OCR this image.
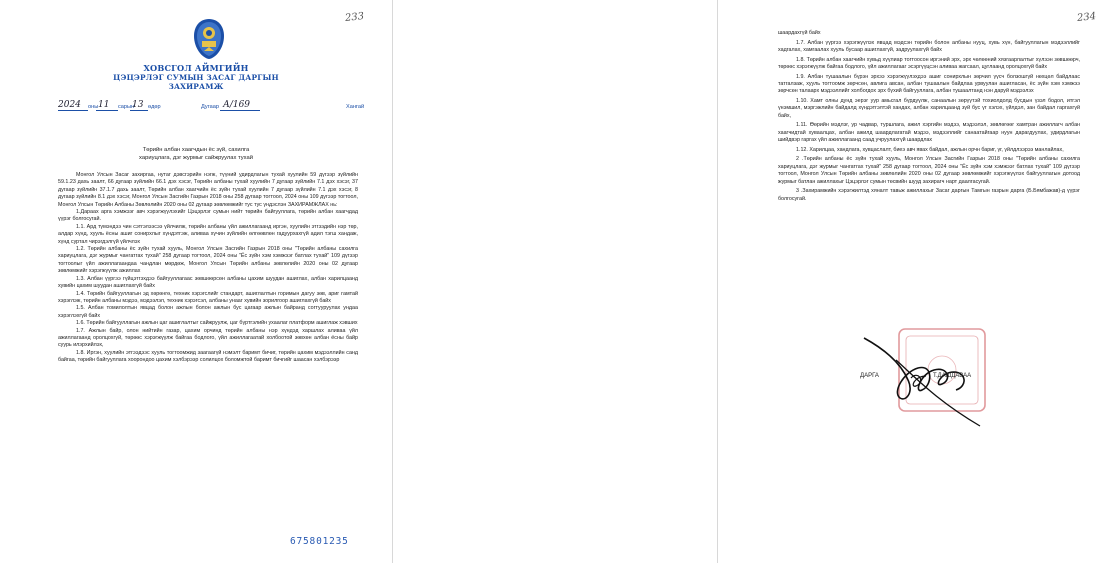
233
ХОВСГОЛ АЙМГИЙН
ЦЭЦЭРЛЭГ СУМЫН ЗАСАГ ДАРГЫН
ЗАХИРАМЖ
2024 оны 11 сарын
13 өдөр	Дугаар А/169	Хангай
Төрийн албан хаагчдын ёс зүй, сахилга
хариуцлага, дэг журмыг сайжруулах тухай

Монгол Улсын Засаг захиргаа, нутаг дэвсгэрийн нэгж, түүний удирдлагын тухай хуулийн 59 дүгээр зүйлийн 59.1.23 дахь заалт, 66 дугаар зүйлийн 66.1 дэх хэсэг, Төрийн албаны тухай хуулийн 7 дугаар зүйлийн 7.1 дэх хэсэг, 37 дугаар зүйлийн 37.1.7 дахь заалт, Төрийн албан хаагчийн ёс зүйн тухай хуулийн 7 дугаар зүйлийн 7.1 дэх хэсэг, 8 дугаар зүйлийн 8.1 дэх хэсэг, Монгол Улсын Засгийн Газрын 2018 оны 258 дугаар тогтоол, 2024 оны 109 дүгээр тогтоол, Монгол Улсын Төрийн Албаны Зөвлөлийн 2020 оны 02 дугаар зөвлөмжийг тус тус үндэслэн ЗАХИРАМЖЛАХ нь:

1.Дараах арга хэмжээг авч хэрэгжүүлэхийг Цэцэрлэг сумын нийт төрийн байгууллага, төрийн албан хаагчдад үүрэг болгосугай.

1.1. Ард түмэндээ чин сэтгэлээсээ үйлчилж, төрийн албаны үйл ажиллагаанд иргэн, хуулийн этгээдийн нэр төр, алдар хүнд, хууль ёсны ашиг сонирхлыг хүндэтгэж, аливаа хүчин зүйлийн өлгөөвлөн гадуурхахгүй адил тэгш хандаж, хүнд суртал чирэгдэлгүй үйлчлэх

1.2. Төрийн албаны ёс зүйн тухай хууль, Монгол Улсын Засгийн Газрын 2018 оны "Төрийн албаны сахилга хариуцлага, дэг журмыг чангатгах тухай" 258 дугаар тогтоол, 2024 оны "Ёс зүйн хэм хэмжээг батлах тухай" 109 дүгээр тогтоолыг үйл ажиллагаандаа чандлан мөрдөж, Монгол Улсын Төрийн албаны зөвлөлийн 2020 оны 02 дугаар зөвлөмжийг хэрэгжүүлж ажиллах

1.3. Албан үүргээ гүйцэтгэхдээ байгууллагаас зөвшөөрсөн албаны цахим шуудан ашиглах, албан харилцаанд хувийн цахим шуудан ашиглахгүй байх

1.4. Төрийн байгууллагын эд хөрөнгө, техник хэрэгслийг стандарт, ашиглалтын горимын дагуу зөв, ариг гамтай хэрэглэж, төрийн албаны мэдээ, мэдээлэл, техник хэрэгсэл, албаны унааг хувийн зорилгоор ашиглахгүй байх

1.5. Албан томилолтын явцад болон ажлын болон ажлын бус цагаар ажлын байранд согтууруулах ундаа хэрэглэхгүй байх

1.6. Төрийн байгууллагын ажлын цаг ашиглалтыг сайжруулж, цаг бүртгэлийн ухаалаг платформ ашиглаж хэвших

1.7. Ажлын байр, олон нийтийн газар, цахим орчинд төрийн албаны нэр хүндэд харшлах аливаа үйл ажиллагаанд оролцохгүй, төрөөс хэрэгжүүлж байгаа бодлого, үйл ажиллагаатай холбоотой зөвхөн албан ёсны байр суурь илэрхийлэх,

1.8. Иргэн, хуулийн этгээдээс хууль тогтоомжид заагаагүй нэмэлт баримт бичиг, төрийн цахим мэдээллийн санд байгаа, төрийн байгууллага хоорондоо цахим хэлбэрээр солилцох боломжтой баримт бичгийг шаасан хэлбэрээр

675801235
234

шаардахгүй байх

1.7. Албан үүргээ хэрэгжүүлэх явцад мэдсэн төрийн болон албаны нууц, хувь хүн, байгууллагын мэдээллийг хадгалах, хамгаалах хууль бусаар ашиглахгүй, задруулахгүй байх

1.8. Төрийн албан хаагчийн хувьд хүүлиар тогтоосон иргэний эрх, эрх чөлөөний хязгаарлалтыг хүлээн зөвшөөрч, төрөөс хэрэгжүүлж байгаа бодлого, үйл ажиллагааг эсэргүүцсэн аливаа жагсаал, цуглаанд оролцохгүй байх

1.9. Албан тушаалын бүрэн эрхээ хэрэгжүүлэхдээ ашиг сонирхлын зөрчил үүсч болзошгүй нөхцөл байдлаас татгалзаж, хууль тогтоомж зөрчсөн, авлига авсан, албан тушаалын байдлаа урвуулан ашигласан, ёс зүйн хэм хэмжээ зөрчсөн талаарх мэдээллийг холбогдох эрх бүхий байгууллага, албан тушаалтанд нэн даруй мэдээлэх

1.10. Хамт олны дунд эерэг уур амьсгал бүрдүүлж, санаалын зөрүүтэй тохиолдолд бусдын үзэл бодол, итгэл үнэмшил, мэргэжлийн байдалд хүндэтгэлтэй хандах, албан харилцаанд зүй бус үг хэлэх, үйлдэл, зан байдал гаргахгүй байх,

1.11. Өөрийн мэдлэг, ур чадвар, туршлага, ажил хэргийн мэдээ, мэдээлэл, зөвлөгөөг хамтран ажиллагч албан хаагчидтай хуваалцах, албан ажилд шаардлагатай мэдээ, мэдээллийг санаатайгаар нуун дарагдуулах, удирдлагын шийдвэр гаргах үйл ажиллагаанд саад учруулахгүй шаардлах

1.12. Харилцаа, хандлага, хувцаслалт, биеэ авч явах байдал, ажлын орчн бариг, үг, үйлдлээрээ манлайлах,

2 .Төрийн албаны ёс зүйн тухай хууль, Монгол Улсын Засгийн Газрын 2018 оны "Төрийн албаны сахилга хариуцлага, дэг журмыг чангатгах тухай" 258 дугаар тогтоол, 2024 оны "Ёс зүйн хэм хэмжээг батлах тухай" 109 дүгээр тогтоол, Монгол Улсын Төрийн албаны зөвлөлийн 2020 оны 02 дугаар зөвлөмжийг хэрэгжүүлэх байгууллагын дотоод журмыг батлан ажиллахыг Цэцэрлэг сумын төсвийн шууд захирагч нарт даалгасугай.

3 .Захирамжийн хэрэгжилтэд хяналт тавьж ажиллахыг Засаг даргын Тамгын газрын дарга (Б.Бямбажав)-д үүрэг болгосугай.

ДАРГА	Т.ДАШДАВАА
